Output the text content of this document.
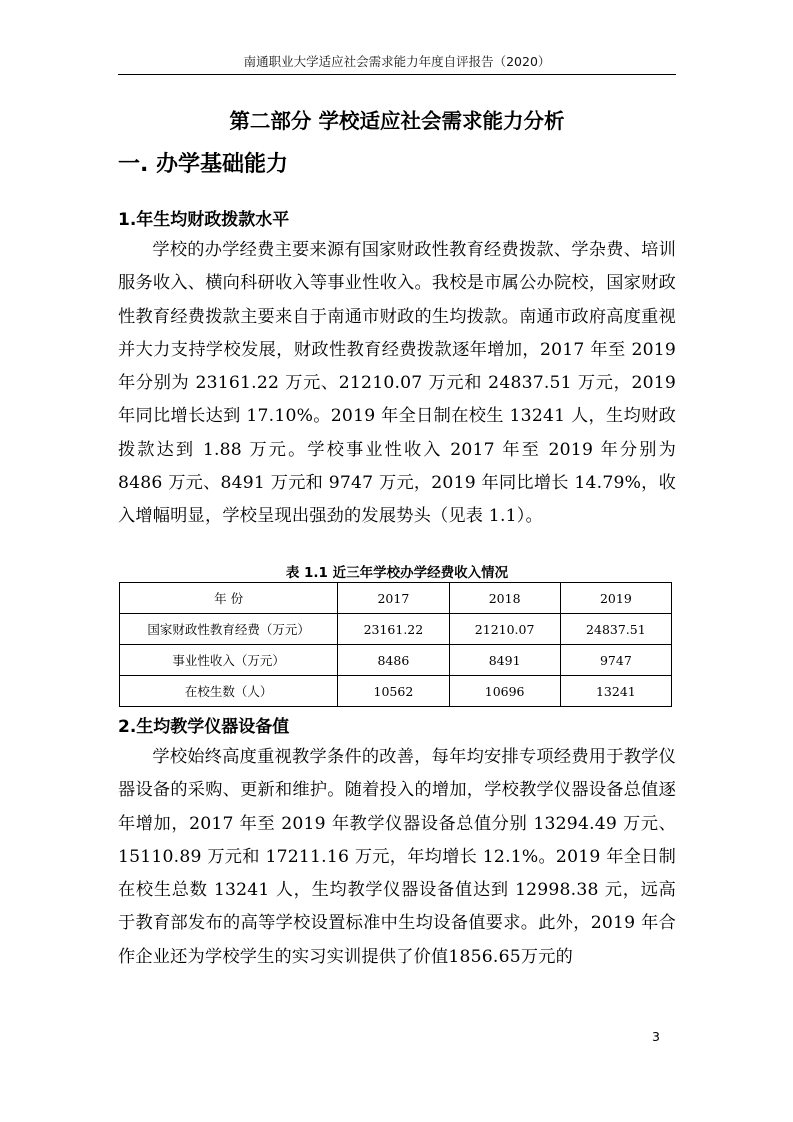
南通职业大学适应社会需求能力年度自评报告（2020）
第二部分 学校适应社会需求能力分析
一. 办学基础能力
1.年生均财政拨款水平

学校的办学经费主要来源有国家财政性教育经费拨款、学杂费、培训服务收入、横向科研收入等事业性收入。我校是市属公办院校，国家财政性教育经费拨款主要来自于南通市财政的生均拨款。南通市政府高度重视并大力支持学校发展，财政性教育经费拨款逐年增加，2017 年至 2019 年分别为 23161.22 万元、21210.07 万元和 24837.51 万元，2019 年同比增长达到 17.10%。2019 年全日制在校生 13241 人，生均财政拨款达到 1.88 万元。学校事业性收入 2017 年至 2019 年分别为 8486 万元、8491 万元和 9747 万元，2019 年同比增长 14.79%，收入增幅明显，学校呈现出强劲的发展势头（见表 1.1）。

表 1.1 近三年学校办学经费收入情况
年 份	2017	2018	2019
国家财政性教育经费（万元）	23161.22	21210.07	24837.51
事业性收入（万元）	8486	8491	9747
在校生数（人）	10562	10696	13241
2.生均教学仪器设备值

学校始终高度重视教学条件的改善，每年均安排专项经费用于教学仪器设备的采购、更新和维护。随着投入的增加，学校教学仪器设备总值逐年增加，2017 年至 2019 年教学仪器设备总值分别 13294.49 万元、15110.89 万元和 17211.16 万元，年均增长 12.1%。2019 年全日制在校生总数 13241 人，生均教学仪器设备值达到 12998.38 元，远高于教育部发布的高等学校设置标准中生均设备值要求。此外，2019 年合作企业还为学校学生的实习实训提供了价值1856.65万元的

3
